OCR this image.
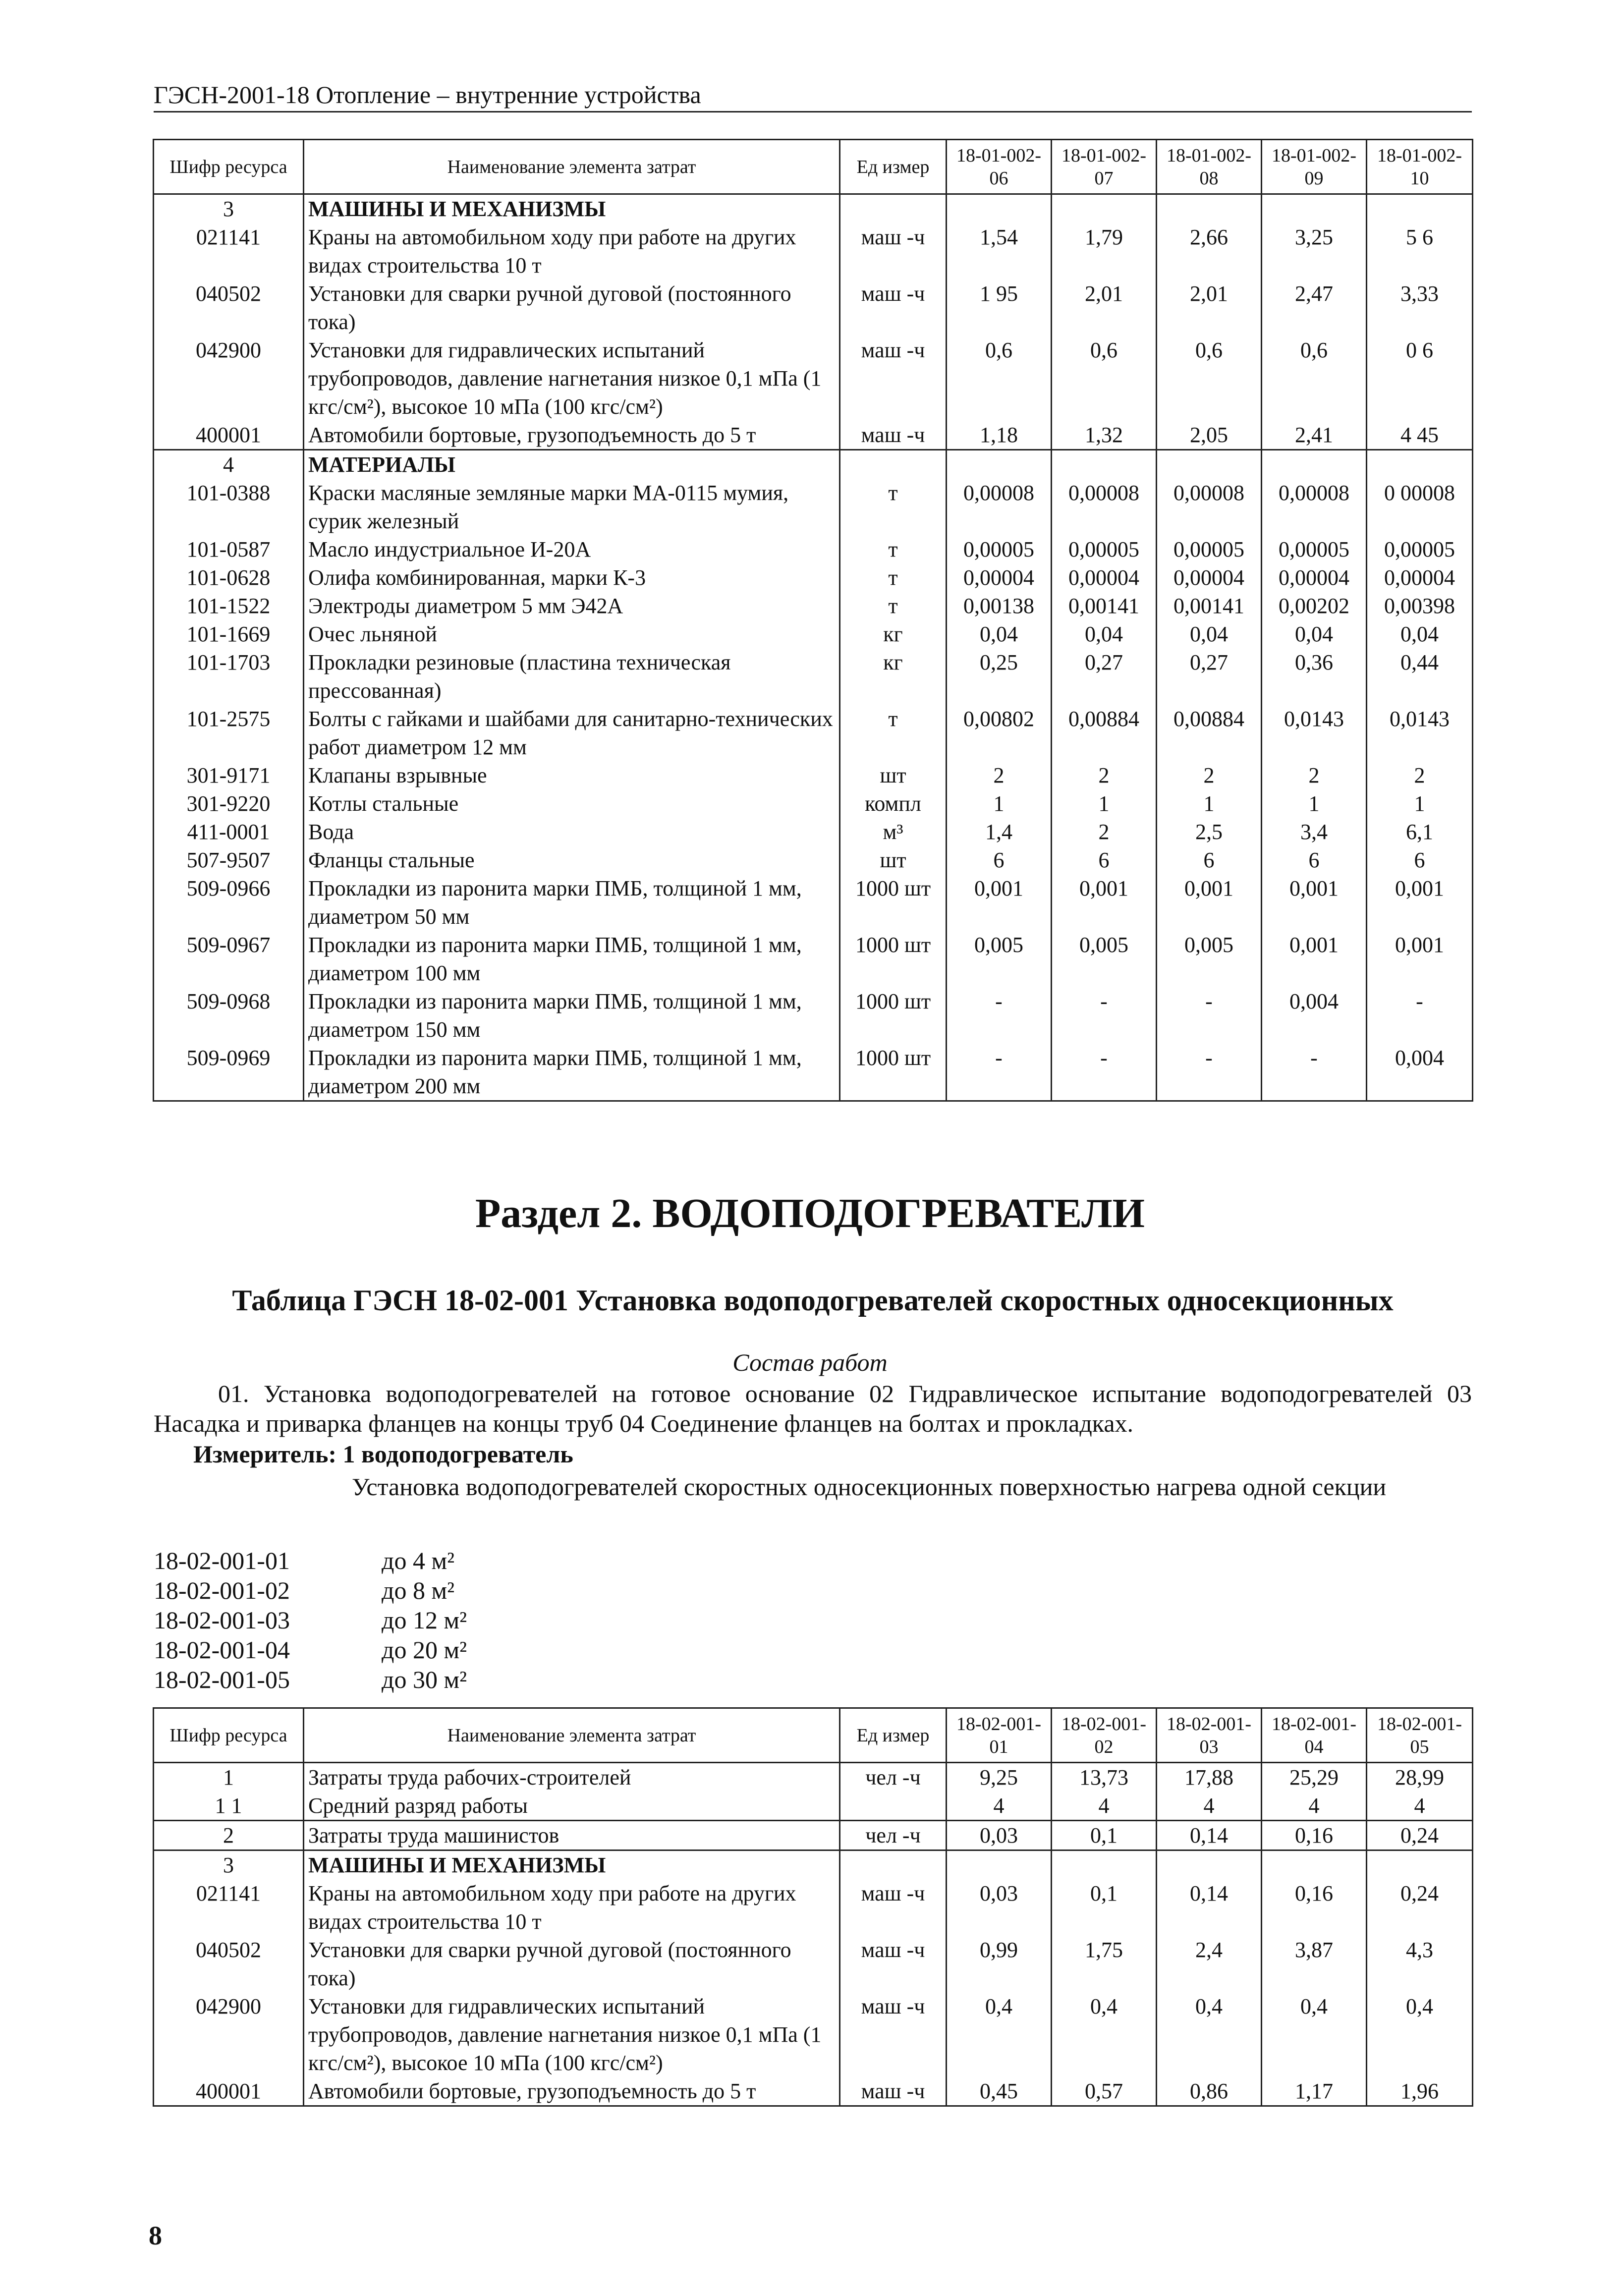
ГЭСН-2001-18 Отопление – внутренние устройства
Шифр ресурса	Наименование элемента затрат	Ед измер	18-01-002-06	18-01-002-07	18-01-002-08	18-01-002-09	18-01-002-10
3	МАШИНЫ И МЕХАНИЗМЫ						
021141	Краны на автомобильном ходу при работе на других видах строительства 10 т	маш -ч	1,54	1,79	2,66	3,25	5 6
040502	Установки для сварки ручной дуговой (постоянного тока)	маш -ч	1 95	2,01	2,01	2,47	3,33
042900	Установки для гидравлических испытаний трубопроводов, давление нагнетания низкое 0,1 мПа (1 кгс/см²), высокое 10 мПа (100 кгс/см²)	маш -ч	0,6	0,6	0,6	0,6	0 6
400001	Автомобили бортовые, грузоподъемность до 5 т	маш -ч	1,18	1,32	2,05	2,41	4 45
4	МАТЕРИАЛЫ						
101-0388	Краски масляные земляные марки МА-0115 мумия, сурик железный	т	0,00008	0,00008	0,00008	0,00008	0 00008
101-0587	Масло индустриальное И-20А	т	0,00005	0,00005	0,00005	0,00005	0,00005
101-0628	Олифа комбинированная, марки К-3	т	0,00004	0,00004	0,00004	0,00004	0,00004
101-1522	Электроды диаметром 5 мм Э42А	т	0,00138	0,00141	0,00141	0,00202	0,00398
101-1669	Очес льняной	кг	0,04	0,04	0,04	0,04	0,04
101-1703	Прокладки резиновые (пластина техническая прессованная)	кг	0,25	0,27	0,27	0,36	0,44
101-2575	Болты с гайками и шайбами для санитарно-технических работ диаметром 12 мм	т	0,00802	0,00884	0,00884	0,0143	0,0143
301-9171	Клапаны взрывные	шт	2	2	2	2	2
301-9220	Котлы стальные	компл	1	1	1	1	1
411-0001	Вода	м³	1,4	2	2,5	3,4	6,1
507-9507	Фланцы стальные	шт	6	6	6	6	6
509-0966	Прокладки из паронита марки ПМБ, толщиной 1 мм, диаметром 50 мм	1000 шт	0,001	0,001	0,001	0,001	0,001
509-0967	Прокладки из паронита марки ПМБ, толщиной 1 мм, диаметром 100 мм	1000 шт	0,005	0,005	0,005	0,001	0,001
509-0968	Прокладки из паронита марки ПМБ, толщиной 1 мм, диаметром 150 мм	1000 шт	-	-	-	0,004	-
509-0969	Прокладки из паронита марки ПМБ, толщиной 1 мм, диаметром 200 мм	1000 шт	-	-	-	-	0,004
Раздел 2. ВОДОПОДОГРЕВАТЕЛИ
Таблица ГЭСН 18-02-001 Установка водоподогревателей скоростных односекционных
Состав работ
01. Установка водоподогревателей на готовое основание 02 Гидравлическое испытание водоподогревателей 03 Насадка и приварка фланцев на концы труб 04 Соединение фланцев на болтах и прокладках.
Измеритель: 1 водоподогреватель
Установка водоподогревателей скоростных односекционных поверхностью нагрева одной секции
18-02-001-01	до 4 м²
18-02-001-02	до 8 м²
18-02-001-03	до 12 м²
18-02-001-04	до 20 м²
18-02-001-05	до 30 м²
Шифр ресурса	Наименование элемента затрат	Ед измер	18-02-001-01	18-02-001-02	18-02-001-03	18-02-001-04	18-02-001-05
1	Затраты труда рабочих-строителей	чел -ч	9,25	13,73	17,88	25,29	28,99
1 1	Средний разряд работы		4	4	4	4	4
2	Затраты труда машинистов	чел -ч	0,03	0,1	0,14	0,16	0,24
3	МАШИНЫ И МЕХАНИЗМЫ						
021141	Краны на автомобильном ходу при работе на других видах строительства 10 т	маш -ч	0,03	0,1	0,14	0,16	0,24
040502	Установки для сварки ручной дуговой (постоянного тока)	маш -ч	0,99	1,75	2,4	3,87	4,3
042900	Установки для гидравлических испытаний трубопроводов, давление нагнетания низкое 0,1 мПа (1 кгс/см²), высокое 10 мПа (100 кгс/см²)	маш -ч	0,4	0,4	0,4	0,4	0,4
400001	Автомобили бортовые, грузоподъемность до 5 т	маш -ч	0,45	0,57	0,86	1,17	1,96
8
